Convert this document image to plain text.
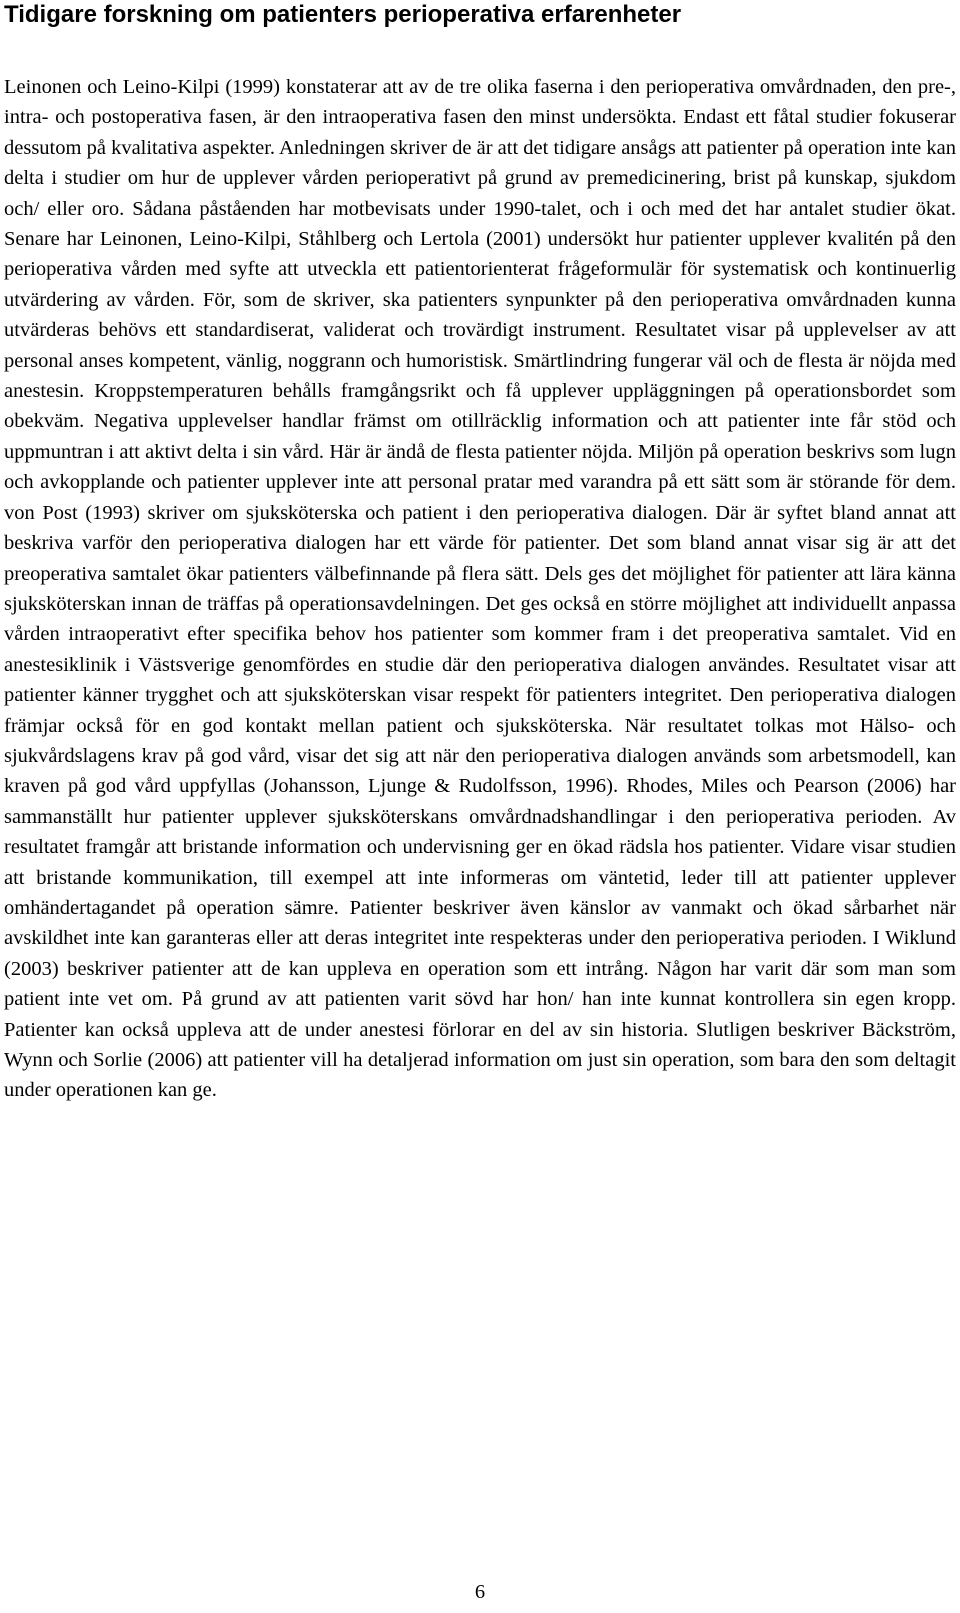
Tidigare forskning om patienters perioperativa erfarenheter

Leinonen och Leino-Kilpi (1999) konstaterar att av de tre olika faserna i den perioperativa omvårdnaden, den pre-, intra- och postoperativa fasen, är den intraoperativa fasen den minst undersökta. Endast ett fåtal studier fokuserar dessutom på kvalitativa aspekter. Anledningen skriver de är att det tidigare ansågs att patienter på operation inte kan delta i studier om hur de upplever vården perioperativt på grund av premedicinering, brist på kunskap, sjukdom och/ eller oro. Sådana påståenden har motbevisats under 1990-talet, och i och med det har antalet studier ökat. Senare har Leinonen, Leino-Kilpi, Ståhlberg och Lertola (2001) undersökt hur patienter upplever kvalitén på den perioperativa vården med syfte att utveckla ett patientorienterat frågeformulär för systematisk och kontinuerlig utvärdering av vården. För, som de skriver, ska patienters synpunkter på den perioperativa omvårdnaden kunna utvärderas behövs ett standardiserat, validerat och trovärdigt instrument. Resultatet visar på upplevelser av att personal anses kompetent, vänlig, noggrann och humoristisk. Smärtlindring fungerar väl och de flesta är nöjda med anestesin. Kroppstemperaturen behålls framgångsrikt och få upplever uppläggningen på operationsbordet som obekväm. Negativa upplevelser handlar främst om otillräcklig information och att patienter inte får stöd och uppmuntran i att aktivt delta i sin vård. Här är ändå de flesta patienter nöjda. Miljön på operation beskrivs som lugn och avkopplande och patienter upplever inte att personal pratar med varandra på ett sätt som är störande för dem. von Post (1993) skriver om sjuksköterska och patient i den perioperativa dialogen. Där är syftet bland annat att beskriva varför den perioperativa dialogen har ett värde för patienter. Det som bland annat visar sig är att det preoperativa samtalet ökar patienters välbefinnande på flera sätt. Dels ges det möjlighet för patienter att lära känna sjuksköterskan innan de träffas på operationsavdelningen. Det ges också en större möjlighet att individuellt anpassa vården intraoperativt efter specifika behov hos patienter som kommer fram i det preoperativa samtalet. Vid en anestesiklinik i Västsverige genomfördes en studie där den perioperativa dialogen användes. Resultatet visar att patienter känner trygghet och att sjuksköterskan visar respekt för patienters integritet. Den perioperativa dialogen främjar också för en god kontakt mellan patient och sjuksköterska. När resultatet tolkas mot Hälso- och sjukvårdslagens krav på god vård, visar det sig att när den perioperativa dialogen används som arbetsmodell, kan kraven på god vård uppfyllas (Johansson, Ljunge & Rudolfsson, 1996). Rhodes, Miles och Pearson (2006) har sammanställt hur patienter upplever sjuksköterskans omvårdnadshandlingar i den perioperativa perioden. Av resultatet framgår att bristande information och undervisning ger en ökad rädsla hos patienter. Vidare visar studien att bristande kommunikation, till exempel att inte informeras om väntetid, leder till att patienter upplever omhändertagandet på operation sämre. Patienter beskriver även känslor av vanmakt och ökad sårbarhet när avskildhet inte kan garanteras eller att deras integritet inte respekteras under den perioperativa perioden. I Wiklund (2003) beskriver patienter att de kan uppleva en operation som ett intrång. Någon har varit där som man som patient inte vet om. På grund av att patienten varit sövd har hon/ han inte kunnat kontrollera sin egen kropp. Patienter kan också uppleva att de under anestesi förlorar en del av sin historia. Slutligen beskriver Bäckström, Wynn och Sorlie (2006) att patienter vill ha detaljerad information om just sin operation, som bara den som deltagit under operationen kan ge.

6
